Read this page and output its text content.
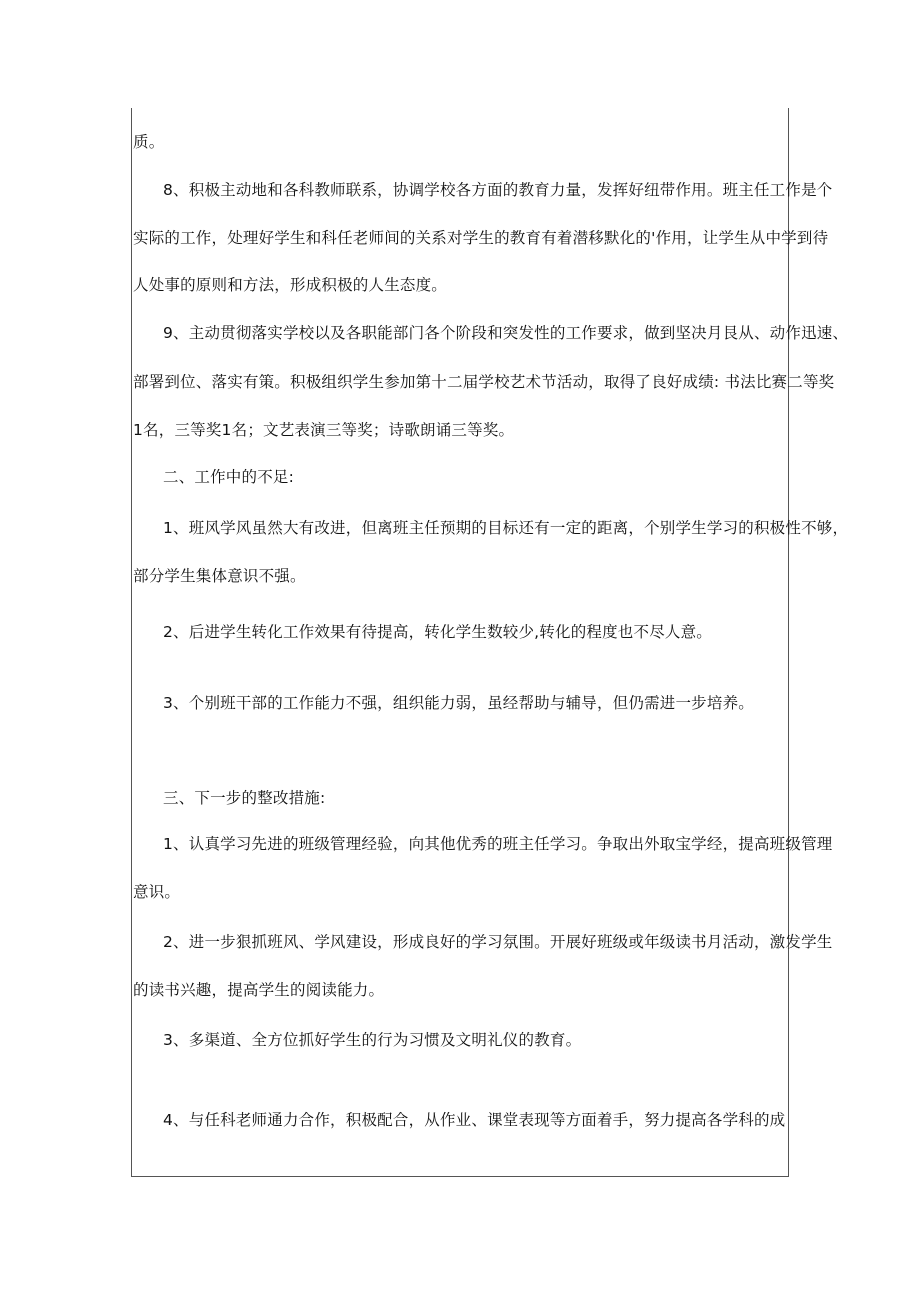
质。
8、积极主动地和各科教师联系，协调学校各方面的教育力量，发挥好纽带作用。班主任工作是个
实际的工作，处理好学生和科任老师间的关系对学生的教育有着潜移默化的'作用，让学生从中学到待
人处事的原则和方法，形成积极的人生态度。
9、主动贯彻落实学校以及各职能部门各个阶段和突发性的工作要求，做到坚决月艮从、动作迅速、
部署到位、落实有策。积极组织学生参加第十二届学校艺术节活动，取得了良好成绩: 书法比赛二等奖
1名，三等奖1名；文艺表演三等奖；诗歌朗诵三等奖。
二、工作中的不足:
1、班风学风虽然大有改进，但离班主任预期的目标还有一定的距离，个别学生学习的积极性不够，
部分学生集体意识不强。
2、后进学生转化工作效果有待提高，转化学生数较少,转化的程度也不尽人意。
3、个别班干部的工作能力不强，组织能力弱，虽经帮助与辅导，但仍需进一步培养。
三、下一步的整改措施:
1、认真学习先进的班级管理经验，向其他优秀的班主任学习。争取出外取宝学经，提高班级管理
意识。
2、进一步狠抓班风、学风建设，形成良好的学习氛围。开展好班级或年级读书月活动，激发学生
的读书兴趣，提高学生的阅读能力。
3、多渠道、全方位抓好学生的行为习惯及文明礼仪的教育。
4、与任科老师通力合作，积极配合，从作业、课堂表现等方面着手，努力提高各学科的成
